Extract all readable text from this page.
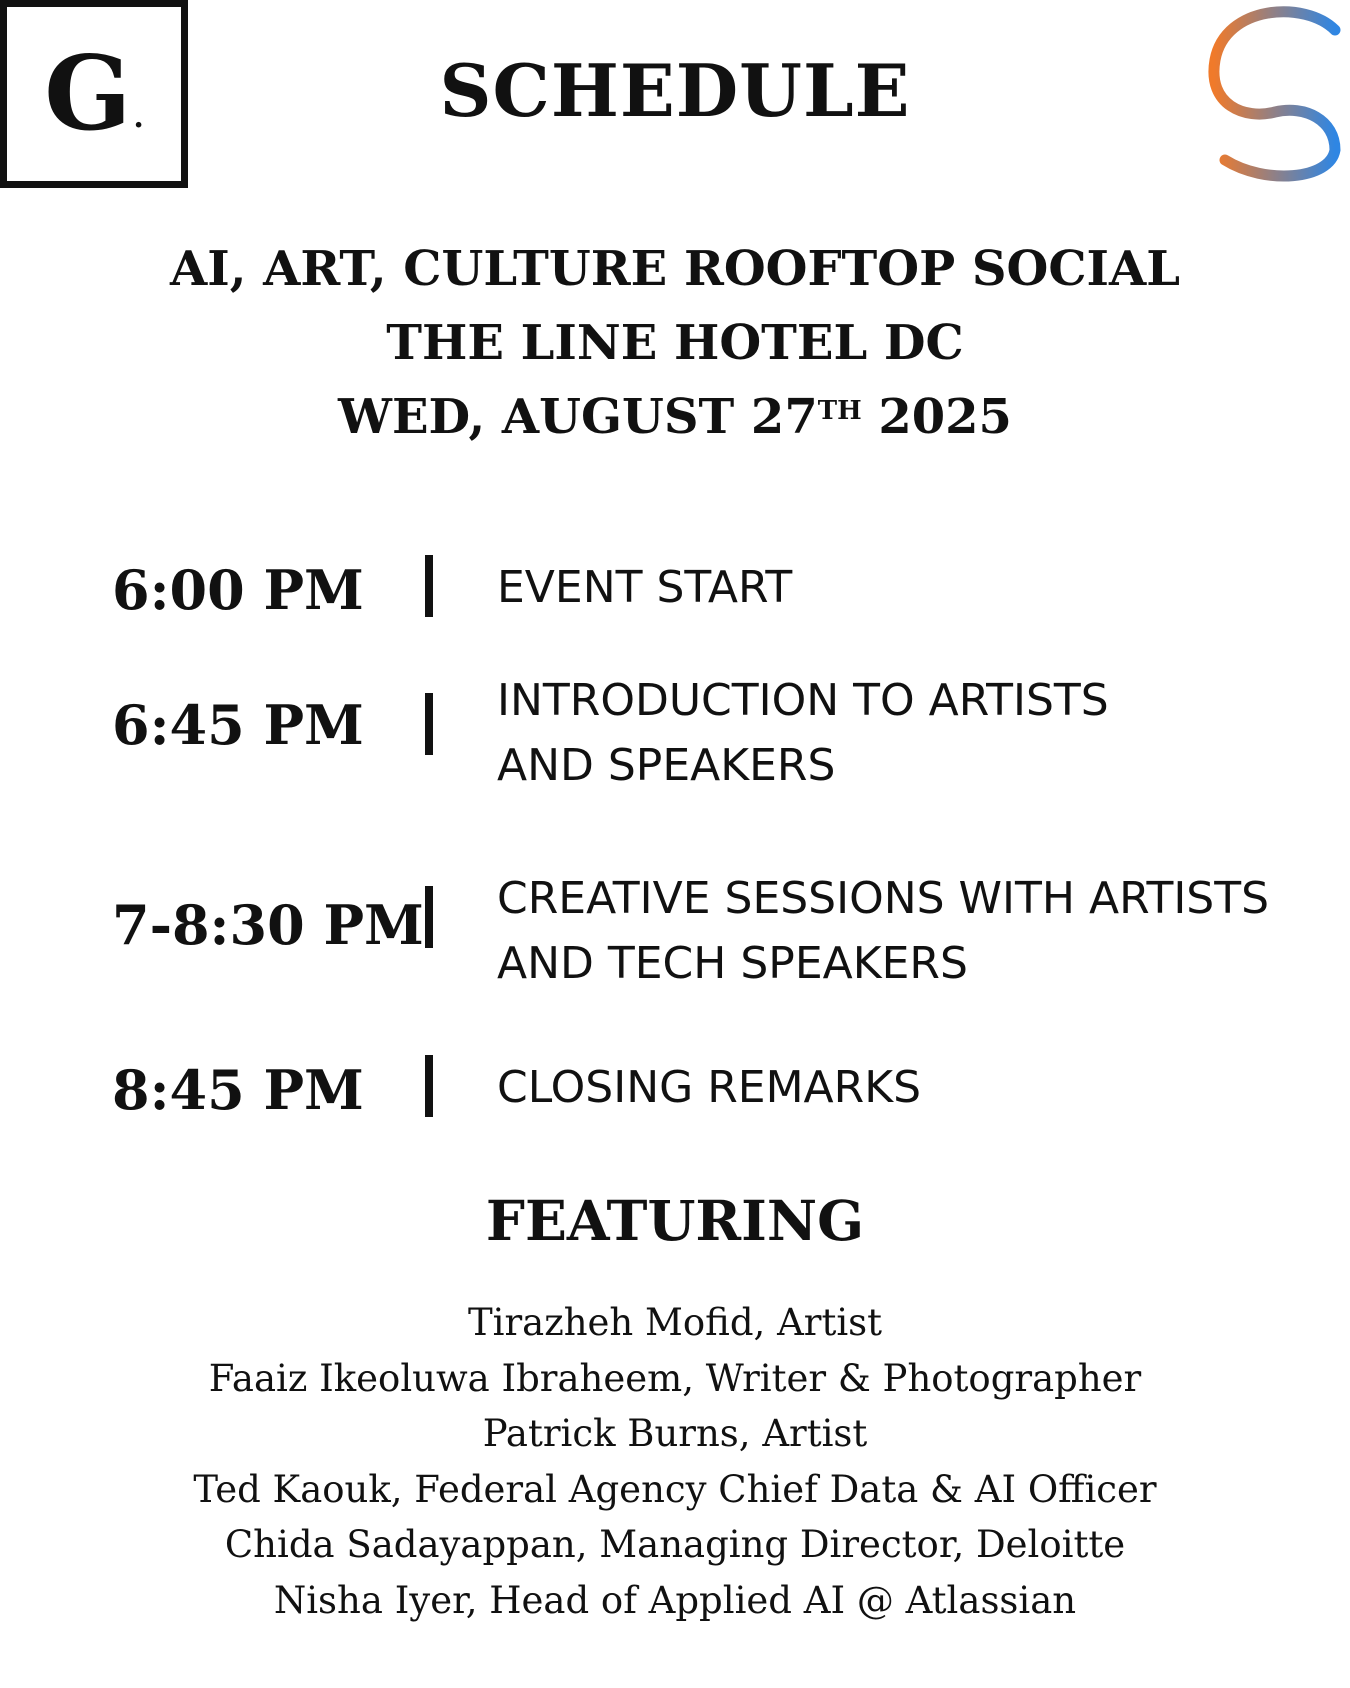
G .	SCHEDULE
AI, ART, CULTURE ROOFTOP SOCIAL
THE LINE HOTEL DC
WED, AUGUST 27TH 2025
6:00 PM	EVENT START
6:45 PM	INTRODUCTION TO ARTISTS
AND SPEAKERS
7-8:30 PM CREATIVE SESSIONS WITH ARTISTS
AND TECH SPEAKERS
8:45 PM	CLOSING REMARKS
FEATURING
Tirazheh Mofid, Artist
Faaiz Ikeoluwa Ibraheem, Writer & Photographer
Patrick Burns, Artist
Ted Kaouk, Federal Agency Chief Data & AI Officer
Chida Sadayappan, Managing Director, Deloitte
Nisha Iyer, Head of Applied AI @ Atlassian
